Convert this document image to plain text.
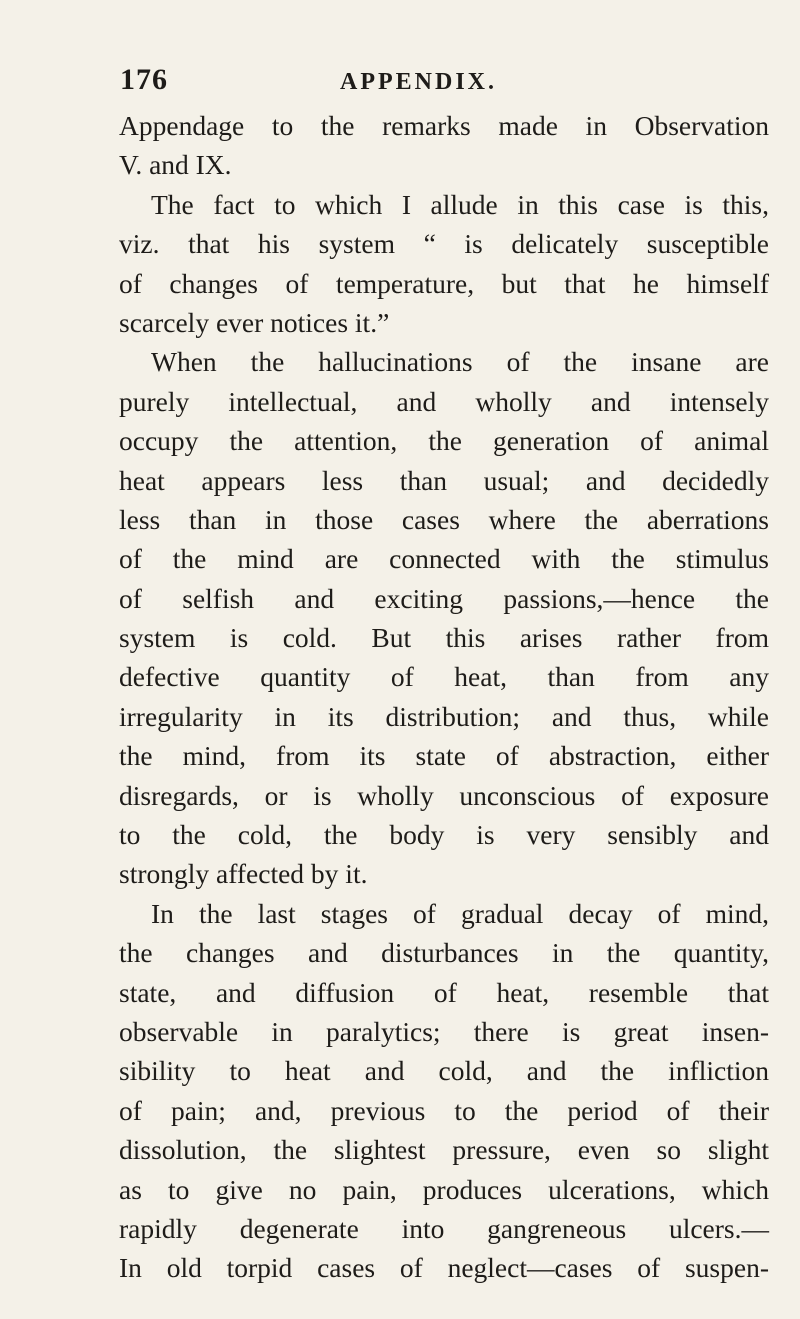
176	APPENDIX.
Appendage to the remarks made in Observation
V. and IX.
The fact to which I allude in this case is this,
viz. that his system “ is delicately susceptible
of changes of temperature, but that he himself
scarcely ever notices it.”
When the hallucinations of the insane are
purely intellectual, and wholly and intensely
occupy the attention, the generation of animal
heat appears less than usual; and decidedly
less than in those cases where the aberrations
of the mind are connected with the stimulus
of selfish and exciting passions,—hence the
system is cold. But this arises rather from
defective quantity of heat, than from any
irregularity in its distribution; and thus, while
the mind, from its state of abstraction, either
disregards, or is wholly unconscious of exposure
to the cold, the body is very sensibly and
strongly affected by it.
In the last stages of gradual decay of mind,
the changes and disturbances in the quantity,
state, and diffusion of heat, resemble that
observable in paralytics; there is great insen-
sibility to heat and cold, and the infliction
of pain; and, previous to the period of their
dissolution, the slightest pressure, even so slight
as to give no pain, produces ulcerations, which
rapidly degenerate into gangreneous ulcers.—
In old torpid cases of neglect—cases of suspen-
